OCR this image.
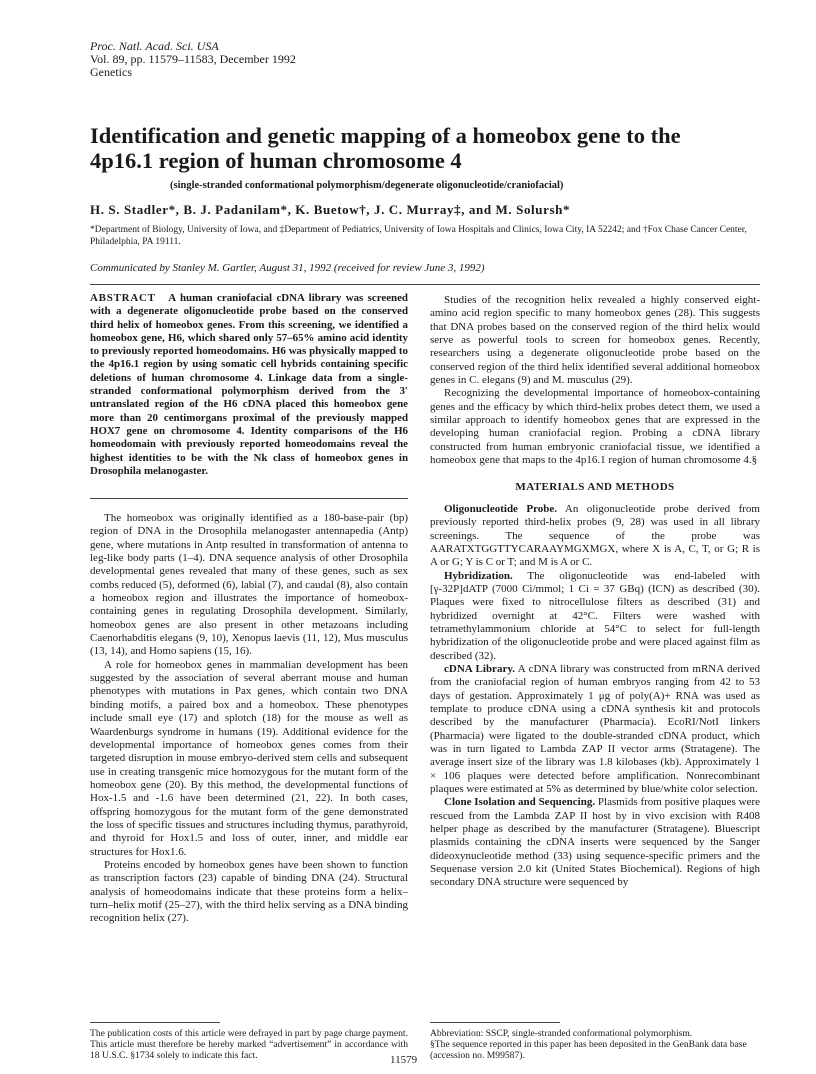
Proc. Natl. Acad. Sci. USA
Vol. 89, pp. 11579–11583, December 1992
Genetics
Identification and genetic mapping of a homeobox gene to the
4p16.1 region of human chromosome 4
(single-stranded conformational polymorphism/degenerate oligonucleotide/craniofacial)
H. S. Stadler*, B. J. Padanilam*, K. Buetow†, J. C. Murray‡, and M. Solursh*
*Department of Biology, University of Iowa, and ‡Department of Pediatrics, University of Iowa Hospitals and Clinics, Iowa City, IA 52242; and †Fox Chase Cancer Center, Philadelphia, PA 19111.
Communicated by Stanley M. Gartler, August 31, 1992 (received for review June 3, 1992)
ABSTRACT A human craniofacial cDNA library was screened with a degenerate oligonucleotide probe based on the conserved third helix of homeobox genes. From this screening, we identified a homeobox gene, H6, which shared only 57–65% amino acid identity to previously reported homeodomains. H6 was physically mapped to the 4p16.1 region by using somatic cell hybrids containing specific deletions of human chromosome 4. Linkage data from a single-stranded conformational polymorphism derived from the 3′ untranslated region of the H6 cDNA placed this homeobox gene more than 20 centimorgans proximal of the previously mapped HOX7 gene on chromosome 4. Identity comparisons of the H6 homeodomain with previously reported homeodomains reveal the highest identities to be with the Nk class of homeobox genes in Drosophila melanogaster.

The homeobox was originally identified as a 180-base-pair (bp) region of DNA in the Drosophila melanogaster antennapedia (Antp) gene, where mutations in Antp resulted in transformation of antenna to leg-like body parts (1–4). DNA sequence analysis of other Drosophila developmental genes revealed that many of these genes, such as sex combs reduced (5), deformed (6), labial (7), and caudal (8), also contain a homeobox region and illustrates the importance of homeobox-containing genes in regulating Drosophila development. Similarly, homeobox genes are also present in other metazoans including Caenorhabditis elegans (9, 10), Xenopus laevis (11, 12), Mus musculus (13, 14), and Homo sapiens (15, 16).

A role for homeobox genes in mammalian development has been suggested by the association of several aberrant mouse and human phenotypes with mutations in Pax genes, which contain two DNA binding motifs, a paired box and a homeobox. These phenotypes include small eye (17) and splotch (18) for the mouse as well as Waardenburgs syndrome in humans (19). Additional evidence for the developmental importance of homeobox genes comes from their targeted disruption in mouse embryo-derived stem cells and subsequent use in creating transgenic mice homozygous for the mutant form of the homeobox gene (20). By this method, the developmental functions of Hox-1.5 and -1.6 have been determined (21, 22). In both cases, offspring homozygous for the mutant form of the gene demonstrated the loss of specific tissues and structures including thymus, parathyroid, and thyroid for Hox1.5 and loss of outer, inner, and middle ear structures for Hox1.6.

Proteins encoded by homeobox genes have been shown to function as transcription factors (23) capable of binding DNA (24). Structural analysis of homeodomains indicate that these proteins form a helix–turn–helix motif (25–27), with the third helix serving as a DNA binding recognition helix (27).

Studies of the recognition helix revealed a highly conserved eight-amino acid region specific to many homeobox genes (28). This suggests that DNA probes based on the conserved region of the third helix would serve as powerful tools to screen for homeobox genes. Recently, researchers using a degenerate oligonucleotide probe based on the conserved region of the third helix identified several additional homeobox genes in C. elegans (9) and M. musculus (29).

Recognizing the developmental importance of homeobox-containing genes and the efficacy by which third-helix probes detect them, we used a similar approach to identify homeobox genes that are expressed in the developing human craniofacial region. Probing a cDNA library constructed from human embryonic craniofacial tissue, we identified a homeobox gene that maps to the 4p16.1 region of human chromosome 4.§

MATERIALS AND METHODS

Oligonucleotide Probe. An oligonucleotide probe derived from previously reported third-helix probes (9, 28) was used in all library screenings. The sequence of the probe was AARATXTGGTTYCARAAYMGXMGX, where X is A, C, T, or G; R is A or G; Y is C or T; and M is A or C.

Hybridization. The oligonucleotide was end-labeled with [γ-32P]dATP (7000 Ci/mmol; 1 Ci = 37 GBq) (ICN) as described (30). Plaques were fixed to nitrocellulose filters as described (31) and hybridized overnight at 42°C. Filters were washed with tetramethylammonium chloride at 54°C to select for full-length hybridization of the oligonucleotide probe and were placed against film as described (32).

cDNA Library. A cDNA library was constructed from mRNA derived from the craniofacial region of human embryos ranging from 42 to 53 days of gestation. Approximately 1 μg of poly(A)+ RNA was used as template to produce cDNA using a cDNA synthesis kit and protocols described by the manufacturer (Pharmacia). EcoRI/NotI linkers (Pharmacia) were ligated to the double-stranded cDNA product, which was in turn ligated to Lambda ZAP II vector arms (Stratagene). The average insert size of the library was 1.8 kilobases (kb). Approximately 1 × 106 plaques were detected before amplification. Nonrecombinant plaques were estimated at 5% as determined by blue/white color selection.

Clone Isolation and Sequencing. Plasmids from positive plaques were rescued from the Lambda ZAP II host by in vivo excision with R408 helper phage as described by the manufacturer (Stratagene). Bluescript plasmids containing the cDNA inserts were sequenced by the Sanger dideoxynucleotide method (33) using sequence-specific primers and the Sequenase version 2.0 kit (United States Biochemical). Regions of high secondary DNA structure were sequenced by

The publication costs of this article were defrayed in part by page charge payment. This article must therefore be hereby marked “advertisement” in accordance with 18 U.S.C. §1734 solely to indicate this fact.
Abbreviation: SSCP, single-stranded conformational polymorphism.
§The sequence reported in this paper has been deposited in the GenBank data base (accession no. M99587).
11579
